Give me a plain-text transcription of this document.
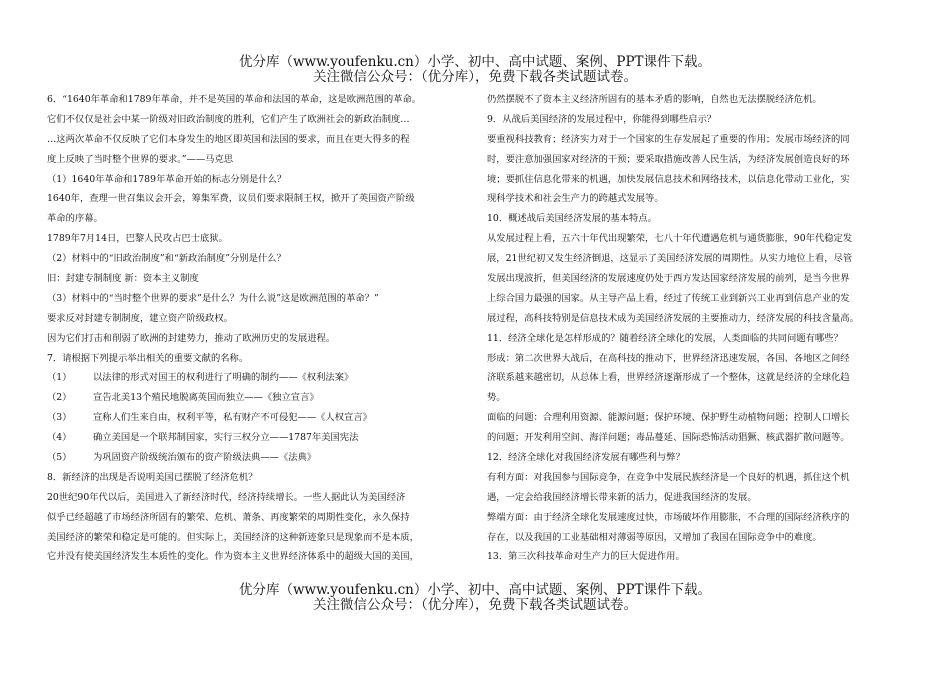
优分库（www.youfenku.cn）小学、初中、高中试题、案例、PPT课件下载。
关注微信公众号：（优分库），免费下载各类试题试卷。
6．“1640年革命和1789年革命，并不是英国的革命和法国的革命，这是欧洲范围的革命。
它们不仅仅是社会中某一阶级对旧政治制度的胜利，它们产生了欧洲社会的新政治制度…
…这两次革命不仅反映了它们本身发生的地区即英国和法国的要求，而且在更大得多的程
度上反映了当时整个世界的要求。”——马克思
（1）1640年革命和1789年革命开始的标志分别是什么？
1640年，查理一世召集议会开会，筹集军费，议员们要求限制王权，掀开了英国资产阶级
革命的序幕。
1789年7月14日，巴黎人民攻占巴士底狱。
（2）材料中的“旧政治制度”和“新政治制度”分别是什么？
旧：封建专制制度 新：资本主义制度
（3）材料中的“当时整个世界的要求”是什么？为什么说”这是欧洲范围的革命？”
要求反对封建专制制度，建立资产阶级政权。
因为它们打击和削弱了欧洲的封建势力，推动了欧洲历史的发展进程。
7．请根据下列提示举出相关的重要文献的名称。
（1） 以法律的形式对国王的权利进行了明确的制约——《权利法案》
（2） 宣告北美13个殖民地脱离英国而独立——《独立宣言》
（3） 宣称人们生来自由，权利平等，私有财产不可侵犯——《人权宣言》
（4） 确立美国是一个联邦制国家，实行三权分立——1787年美国宪法
（5） 为巩固资产阶级统治颁布的资产阶级法典——《法典》
8．新经济的出现是否说明美国已摆脱了经济危机？
20世纪90年代以后，美国进入了新经济时代，经济持续增长。一些人据此认为美国经济
似乎已经超越了市场经济所固有的繁荣、危机、萧条、再度繁荣的周期性变化，永久保持
美国经济的繁荣和稳定是可能的。但实际上，美国经济的这种新迹象只是现象而不是本质，
它并没有使美国经济发生本质性的变化。作为资本主义世界经济体系中的超级大国的美国，
仍然摆脱不了资本主义经济所固有的基本矛盾的影响，自然也无法摆脱经济危机。
9．从战后美国经济的发展过程中，你能得到哪些启示？
要重视科技教育；经济实力对于一个国家的生存发展起了重要的作用；发展市场经济的同
时，要注意加强国家对经济的干预；要采取措施改善人民生活，为经济发展创造良好的环
境；要抓住信息化带来的机遇，加快发展信息技术和网络技术，以信息化带动工业化，实
现科学技术和社会生产力的跨越式发展等。
10．概述战后美国经济发展的基本特点。
从发展过程上看，五六十年代出现繁荣，七八十年代遭遇危机与通货膨胀，90年代稳定发
展，21世纪初又发生经济倒退，这显示了美国经济发展的周期性。从实力地位上看，尽管
发展出现波折，但美国经济的发展速度仍处于西方发达国家经济发展的前列，是当今世界
上综合国力最强的国家。从主导产品上看，经过了传统工业到新兴工业再到信息产业的发
展过程，高科技特别是信息技术成为美国经济发展的主要推动力，经济发展的科技含量高。
11．经济全球化是怎样形成的？随着经济全球化的发展，人类面临的共同问题有哪些？
形成：第二次世界大战后，在高科技的推动下，世界经济迅速发展，各国、各地区之间经
济联系越来越密切，从总体上看，世界经济逐渐形成了一个整体，这就是经济的全球化趋
势。
面临的问题：合理利用资源、能源问题；保护环境、保护野生动植物问题；控制人口增长
的问题；开发利用空间、海洋问题；毒品蔓延、国际恐怖活动猖獗、核武器扩散问题等。
12．经济全球化对我国经济发展有哪些利与弊？
有利方面：对我国参与国际竞争，在竞争中发展民族经济是一个良好的机遇，抓住这个机
遇，一定会给我国经济增长带来新的活力，促进我国经济的发展。
弊端方面：由于经济全球化发展速度过快，市场破坏作用膨胀，不合理的国际经济秩序的
存在，以及我国的工业基础相对薄弱等原因，又增加了我国在国际竞争中的难度。
13．第三次科技革命对生产力的巨大促进作用。
优分库（www.youfenku.cn）小学、初中、高中试题、案例、PPT课件下载。
关注微信公众号：（优分库），免费下载各类试题试卷。
